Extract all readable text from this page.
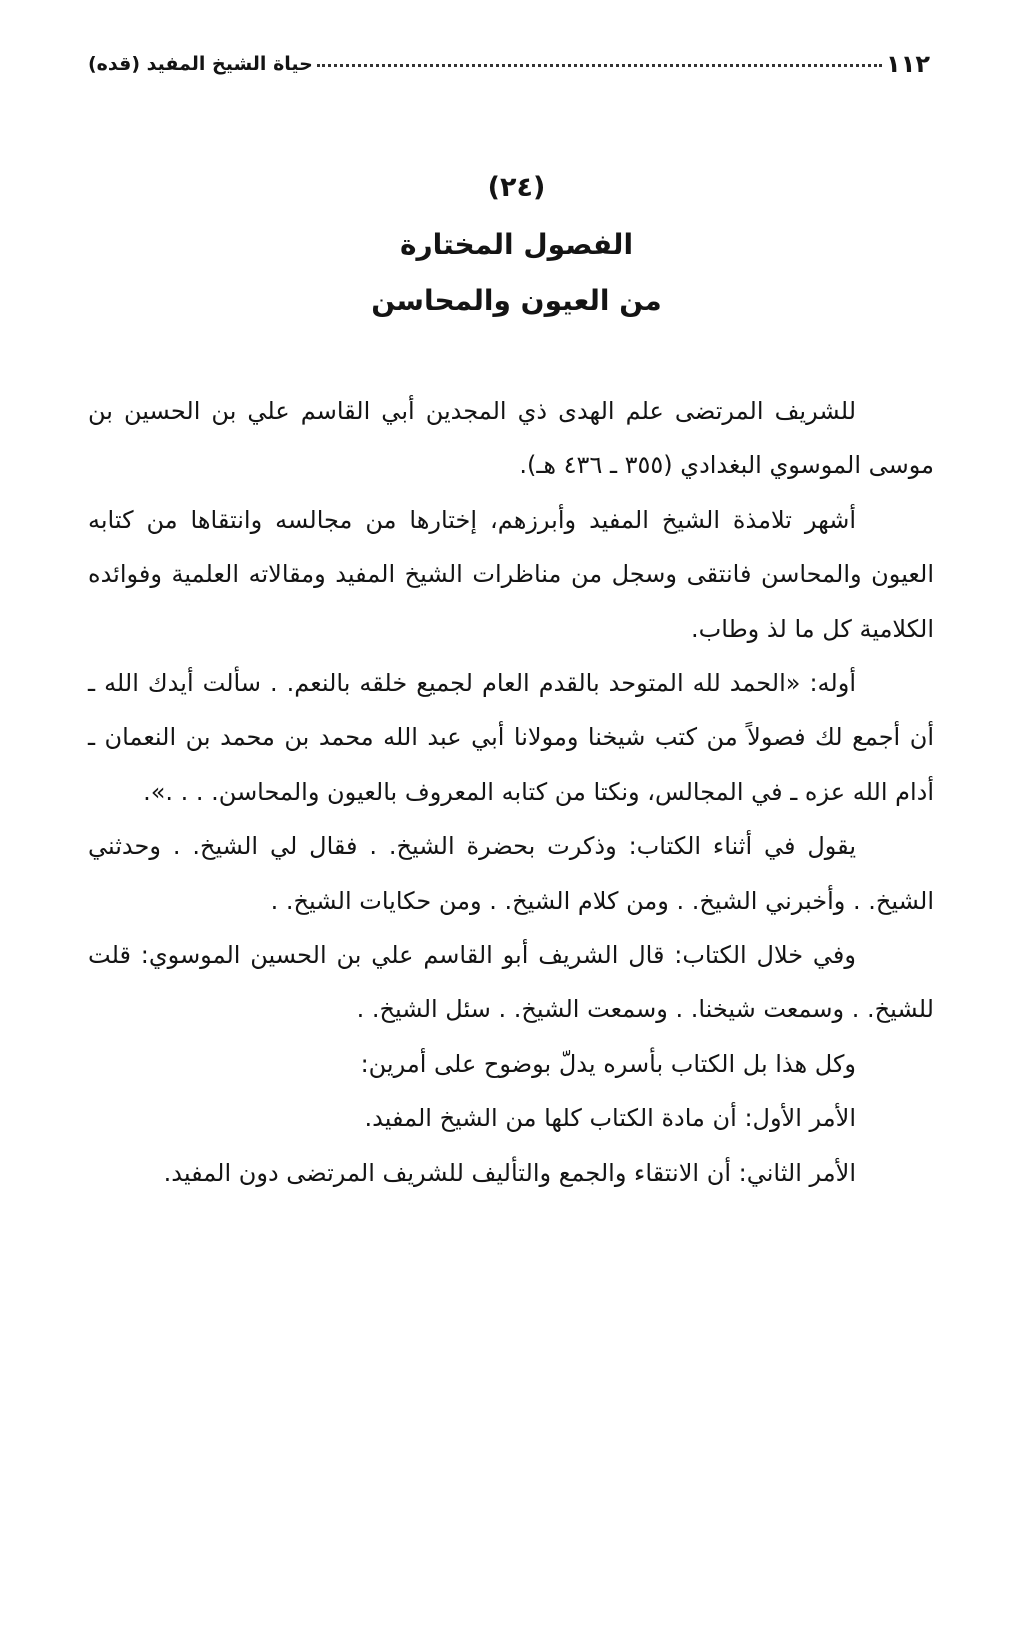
١١٢
حياة الشيخ المفيد (قده)
(٢٤)
الفصول المختارة
من العيون والمحاسن

للشريف المرتضى علم الهدى ذي المجدين أبي القاسم علي بن الحسين بن موسى الموسوي البغدادي (٣٥٥ ـ ٤٣٦ هـ).

أشهر تلامذة الشيخ المفيد وأبرزهم، إختارها من مجالسه وانتقاها من كتابه العيون والمحاسن فانتقى وسجل من مناظرات الشيخ المفيد ومقالاته العلمية وفوائده الكلامية كل ما لذ وطاب.

أوله: «الحمد لله المتوحد بالقدم العام لجميع خلقه بالنعم. . سألت أيدك الله ـ أن أجمع لك فصولاً من كتب شيخنا ومولانا أبي عبد الله محمد بن محمد بن النعمان ـ أدام الله عزه ـ في المجالس، ونكتا من كتابه المعروف بالعيون والمحاسن. . . .».

يقول في أثناء الكتاب: وذكرت بحضرة الشيخ. . فقال لي الشيخ. . وحدثني الشيخ. . وأخبرني الشيخ. . ومن كلام الشيخ. . ومن حكايات الشيخ. .

وفي خلال الكتاب: قال الشريف أبو القاسم علي بن الحسين الموسوي: قلت للشيخ. . وسمعت شيخنا. . وسمعت الشيخ. . سئل الشيخ. .

وكل هذا بل الكتاب بأسره يدلّ بوضوح على أمرين:

الأمر الأول: أن مادة الكتاب كلها من الشيخ المفيد.

الأمر الثاني: أن الانتقاء والجمع والتأليف للشريف المرتضى دون المفيد.
